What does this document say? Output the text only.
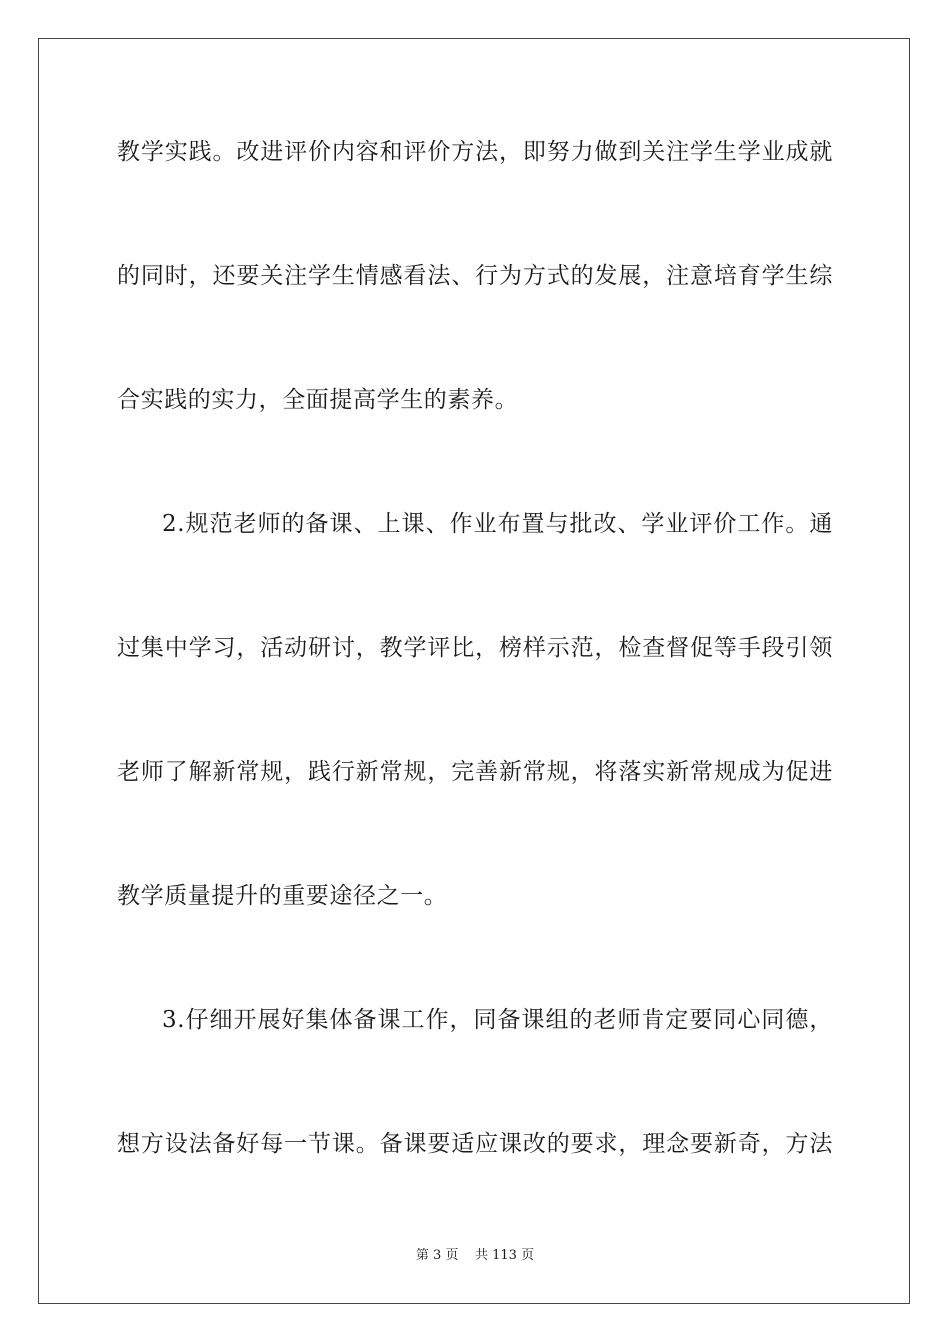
教学实践。改进评价内容和评价方法，即努力做到关注学生学业成就
的同时，还要关注学生情感看法、行为方式的发展，注意培育学生综
合实践的实力，全面提高学生的素养。
2.规范老师的备课、上课、作业布置与批改、学业评价工作。通
过集中学习，活动研讨，教学评比，榜样示范，检查督促等手段引领
老师了解新常规，践行新常规，完善新常规，将落实新常规成为促进
教学质量提升的重要途径之一。
3.仔细开展好集体备课工作，同备课组的老师肯定要同心同德，
想方设法备好每一节课。备课要适应课改的要求，理念要新奇，方法
第 3 页    共 113 页
